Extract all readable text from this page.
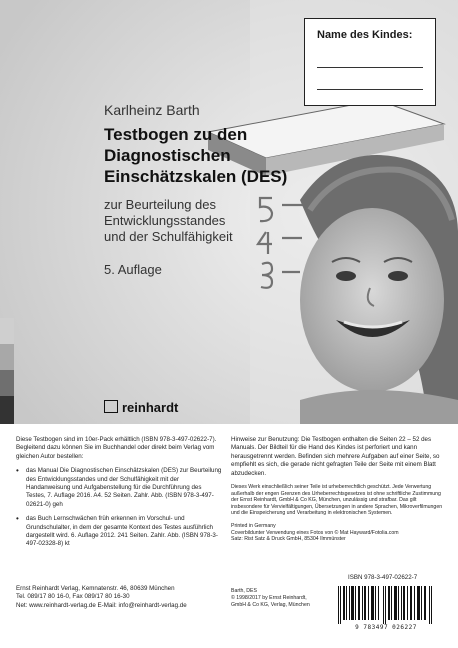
Name des Kindes:
Karlheinz Barth
Testbogen zu den
Diagnostischen
Einschätzskalen (DES)
zur Beurteilung des
Entwicklungsstandes
und der Schulfähigkeit
5. Auflage
reinhardt

Diese Testbogen sind im 10er-Pack erhältlich (ISBN 978-3-497-02622-7). Begleitend dazu können Sie im Buchhandel oder direkt beim Verlag vom gleichen Autor bestellen:

• das Manual Die Diagnostischen Einschätzskalen (DES) zur Beurteilung des Entwicklungsstandes und der Schulfähigkeit mit der Handanweisung und Aufgabenstellung für die Durchführung des Testes, 7. Auflage 2016. A4. 52 Seiten. Zahlr. Abb. (ISBN 978-3-497-02621-0) geh

• das Buch Lernschwächen früh erkennen im Vorschul- und Grundschulalter, in dem der gesamte Kontext des Testes ausführlich dargestellt wird. 6. Auflage 2012. 241 Seiten. Zahlr. Abb. (ISBN 978-3-497-02328-8) kt

Ernst Reinhardt Verlag, Kemnatenstr. 46, 80639 München
Tel. 089/17 80 16-0, Fax 089/17 80 16-30
Net: www.reinhardt-verlag.de E-Mail: info@reinhardt-verlag.de

Hinweise zur Benutzung: Die Testbogen enthalten die Seiten 22 – 52 des Manuals. Der Bildteil für die Hand des Kindes ist perforiert und kann herausgetrennt werden. Befinden sich mehrere Aufgaben auf einer Seite, so empfiehlt es sich, die gerade nicht gefragten Teile der Seite mit einem Blatt abzudecken.

Dieses Werk einschließlich seiner Teile ist urheberrechtlich geschützt. Jede Verwertung außerhalb der engen Grenzen des Urheberrechtsgesetzes ist ohne schriftliche Zustimmung der Ernst Reinhardt, GmbH & Co KG, München, unzulässig und strafbar. Das gilt insbesondere für Vervielfältigungen, Übersetzungen in andere Sprachen, Mikroverfilmungen und die Einspeicherung und Verarbeitung in elektronischen Systemen.

Printed in Germany
Coverbildunter Verwendung eines Fotos von © Mat Hayward/Fotolia.com
Satz: Rist Satz & Druck GmbH, 85304 Ilmmünster
ISBN 978-3-497-02622-7
Barth, DES
© 1998/2017 by Ernst Reinhardt,
GmbH & Co KG, Verlag, München
9 783497 026227
